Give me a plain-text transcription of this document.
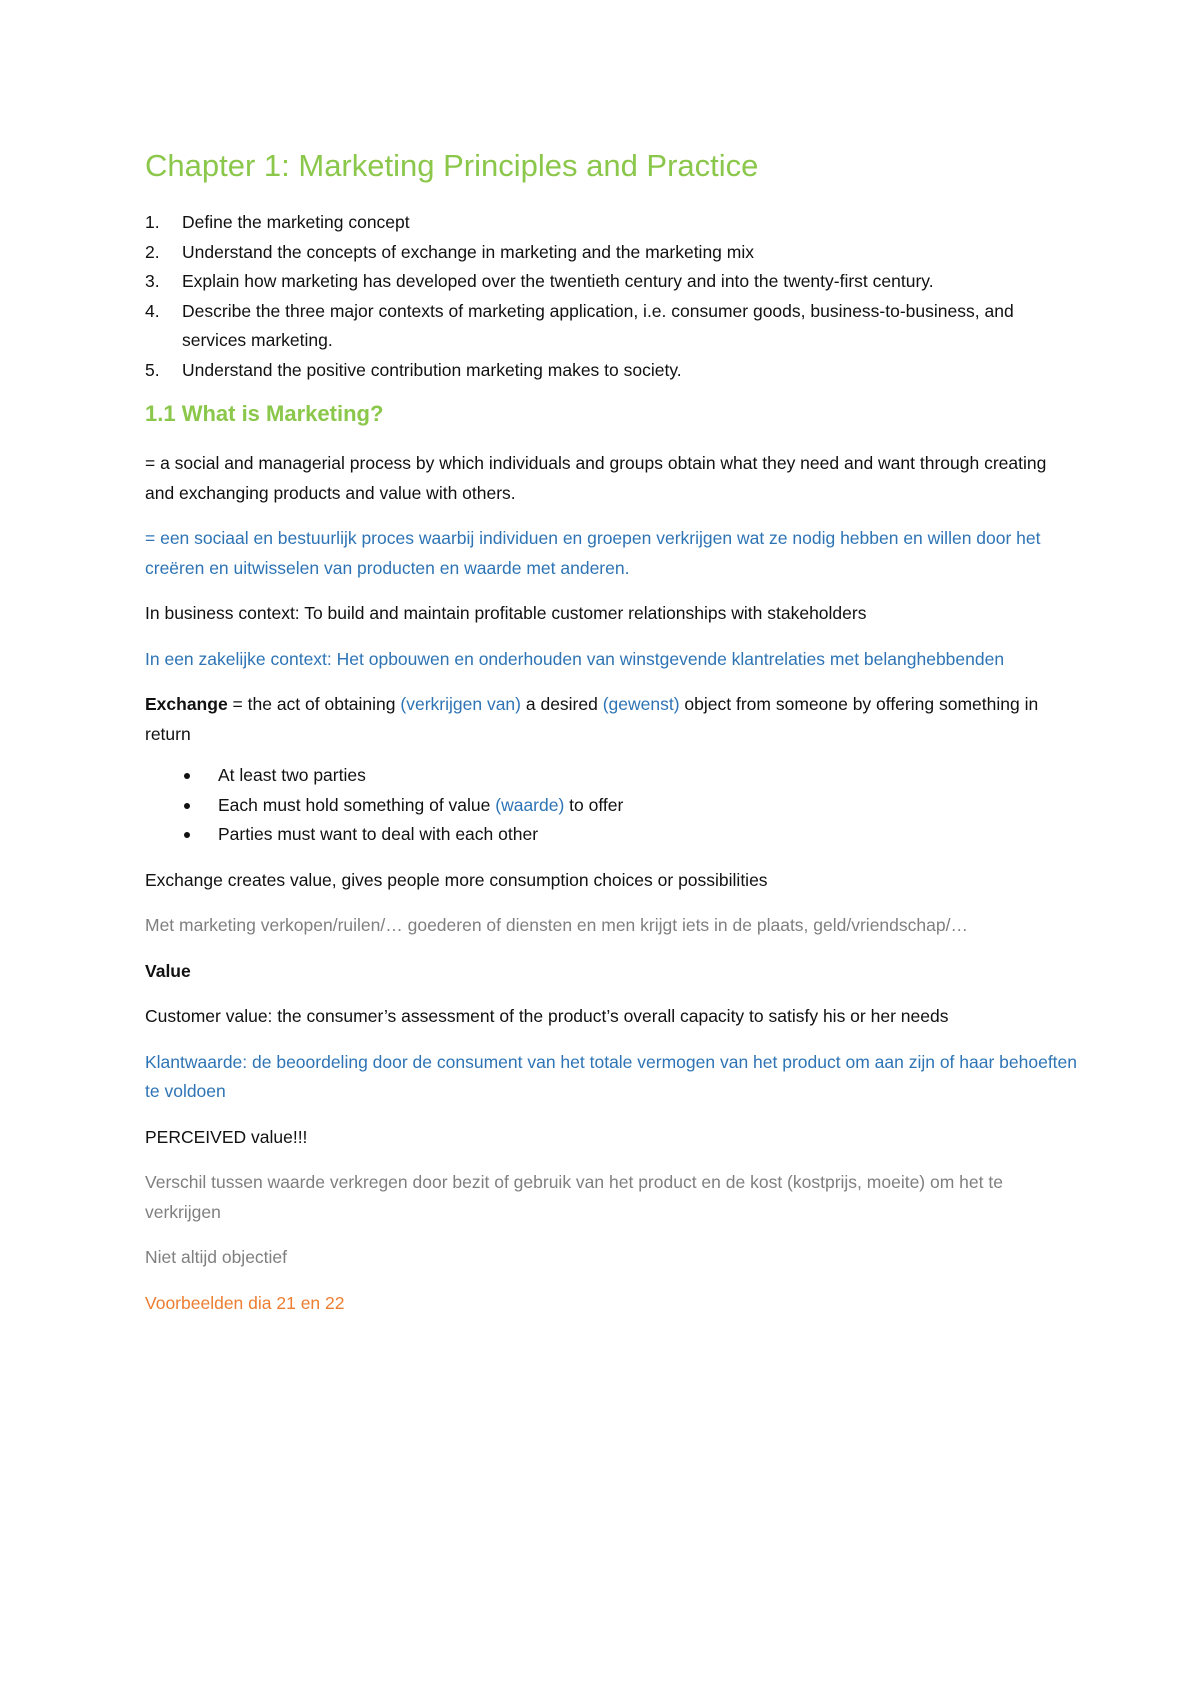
Chapter 1: Marketing Principles and Practice
1. Define the marketing concept
2. Understand the concepts of exchange in marketing and the marketing mix
3. Explain how marketing has developed over the twentieth century and into the twenty-first century.
4. Describe the three major contexts of marketing application, i.e. consumer goods, business-to-business, and services marketing.
5. Understand the positive contribution marketing makes to society.
1.1 What is Marketing?

= a social and managerial process by which individuals and groups obtain what they need and want through creating and exchanging products and value with others.

= een sociaal en bestuurlijk proces waarbij individuen en groepen verkrijgen wat ze nodig hebben en willen door het creëren en uitwisselen van producten en waarde met anderen.

In business context: To build and maintain profitable customer relationships with stakeholders

In een zakelijke context: Het opbouwen en onderhouden van winstgevende klantrelaties met belanghebbenden

Exchange = the act of obtaining (verkrijgen van) a desired (gewenst) object from someone by offering something in return

At least two parties
Each must hold something of value (waarde) to offer
Parties must want to deal with each other

Exchange creates value, gives people more consumption choices or possibilities

Met marketing verkopen/ruilen/… goederen of diensten en men krijgt iets in de plaats, geld/vriendschap/…

Value

Customer value: the consumer’s assessment of the product’s overall capacity to satisfy his or her needs

Klantwaarde: de beoordeling door de consument van het totale vermogen van het product om aan zijn of haar behoeften te voldoen

PERCEIVED value!!!

Verschil tussen waarde verkregen door bezit of gebruik van het product en de kost (kostprijs, moeite) om het te verkrijgen

Niet altijd objectief

Voorbeelden dia 21 en 22
